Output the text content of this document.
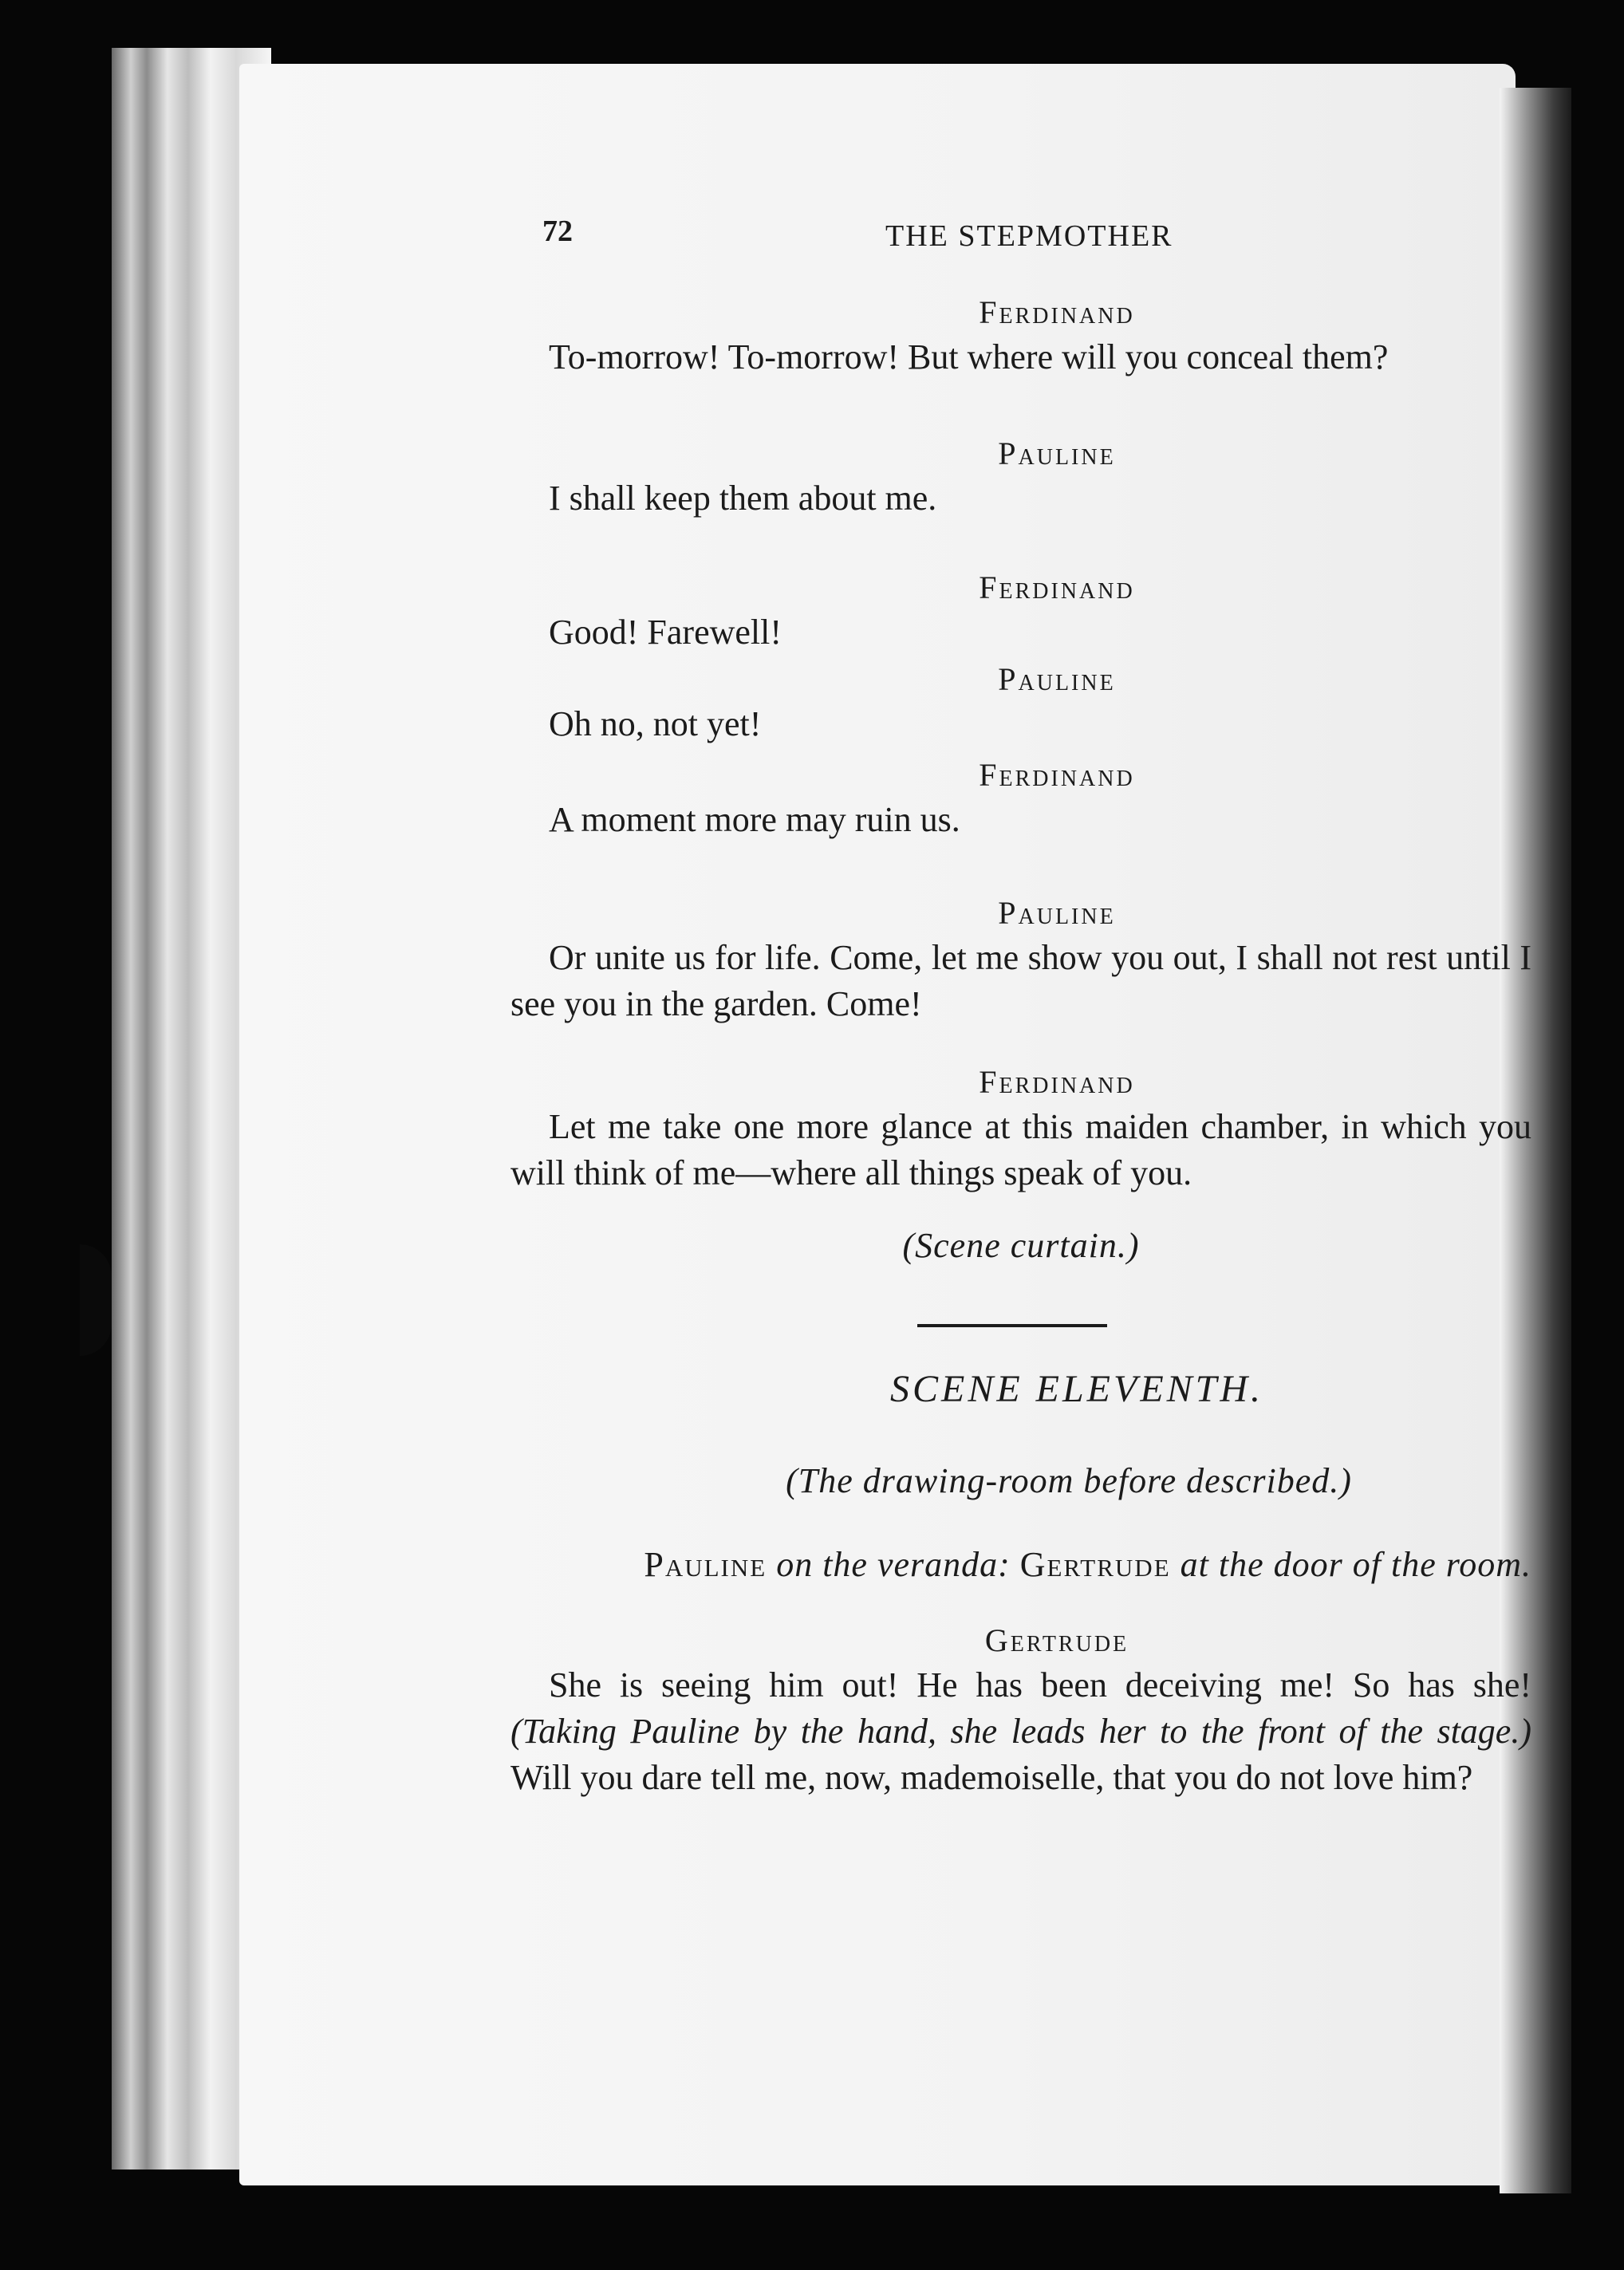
72	THE STEPMOTHER
Ferdinand

To-morrow! To-morrow! But where will you conceal them?

Pauline

I shall keep them about me.

Ferdinand

Good! Farewell!

Pauline

Oh no, not yet!

Ferdinand

A moment more may ruin us.

Pauline

Or unite us for life. Come, let me show you out, I shall not rest until I see you in the garden. Come!

Ferdinand

Let me take one more glance at this maiden chamber, in which you will think of me—where all things speak of you.

(Scene curtain.)
SCENE ELEVENTH.
(The drawing-room before described.)
Pauline on the veranda: Gertrude at the door of the room.
Gertrude

She is seeing him out! He has been deceiving me! So has she! (Taking Pauline by the hand, she leads her to the front of the stage.) Will you dare tell me, now, mademoiselle, that you do not love him?
